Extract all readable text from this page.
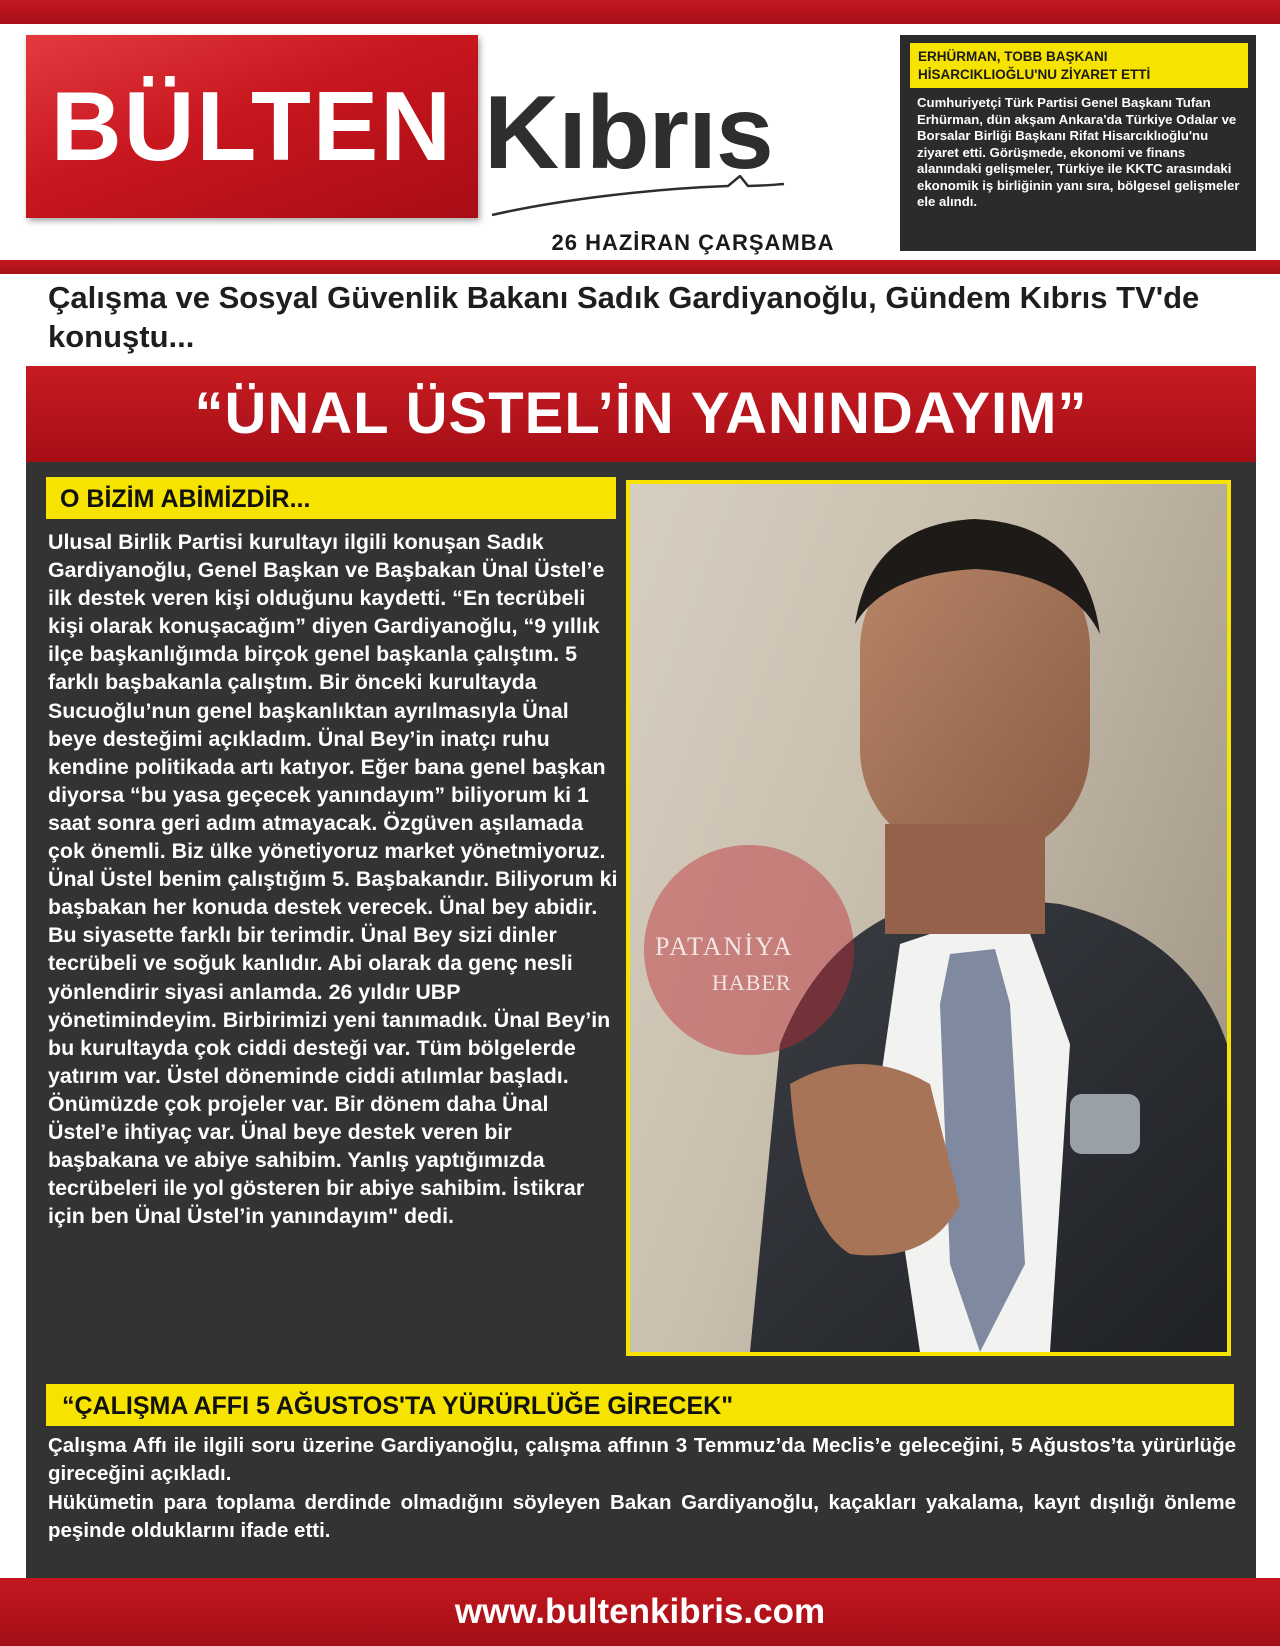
BÜLTEN Kıbrıs
26 HAZİRAN ÇARŞAMBA
ERHÜRMAN, TOBB BAŞKANI HİSARCIKLIOĞLU'NU ZİYARET ETTİ
Cumhuriyetçi Türk Partisi Genel Başkanı Tufan Erhürman, dün akşam Ankara'da Türkiye Odalar ve Borsalar Birliği Başkanı Rifat Hisarcıklıoğlu'nu ziyaret etti. Görüşmede, ekonomi ve finans alanındaki gelişmeler, Türkiye ile KKTC arasındaki ekonomik iş birliğinin yanı sıra, bölgesel gelişmeler ele alındı.
Çalışma ve Sosyal Güvenlik Bakanı Sadık Gardiyanoğlu, Gündem Kıbrıs TV'de konuştu...
“ÜNAL ÜSTEL’İN YANINDAYIM”
O BİZİM ABİMİZDİR...

Ulusal Birlik Partisi kurultayı ilgili konuşan Sadık Gardiyanoğlu, Genel Başkan ve Başbakan Ünal Üstel’e ilk destek veren kişi olduğunu kaydetti. “En tecrübeli kişi olarak konuşacağım” diyen Gardiyanoğlu, “9 yıllık ilçe başkanlığımda birçok genel başkanla çalıştım. 5 farklı başbakanla çalıştım. Bir önceki kurultayda Sucuoğlu’nun genel başkanlıktan ayrılmasıyla Ünal beye desteğimi açıkladım. Ünal Bey’in inatçı ruhu kendine politikada artı katıyor. Eğer bana genel başkan diyorsa “bu yasa geçecek yanındayım” biliyorum ki 1 saat sonra geri adım atmayacak. Özgüven aşılamada çok önemli. Biz ülke yönetiyoruz market yönetmiyoruz. Ünal Üstel benim çalıştığım 5. Başbakandır. Biliyorum ki başbakan her konuda destek verecek. Ünal bey abidir. Bu siyasette farklı bir terimdir. Ünal Bey sizi dinler tecrübeli ve soğuk kanlıdır. Abi olarak da genç nesli yönlendirir siyasi anlamda. 26 yıldır UBP yönetimindeyim. Birbirimizi yeni tanımadık. Ünal Bey’in bu kurultayda çok ciddi desteği var. Tüm bölgelerde yatırım var. Üstel döneminde ciddi atılımlar başladı. Önümüzde çok projeler var. Bir dönem daha Ünal Üstel’e ihtiyaç var. Ünal beye destek veren bir başbakana ve abiye sahibim. Yanlış yaptığımızda tecrübeleri ile yol gösteren bir abiye sahibim. İstikrar için ben Ünal Üstel’in yanındayım" dedi.

PATANİYA
HABER
“ÇALIŞMA AFFI 5 AĞUSTOS'TA YÜRÜRLÜĞE GİRECEK"

Çalışma Affı ile ilgili soru üzerine Gardiyanoğlu, çalışma affının 3 Temmuz’da Meclis’e geleceğini, 5 Ağustos’ta yürürlüğe gireceğini açıkladı.

Hükümetin para toplama derdinde olmadığını söyleyen Bakan Gardiyanoğlu, kaçakları yakalama, kayıt dışılığı önleme peşinde olduklarını ifade etti.

www.bultenkibris.com
